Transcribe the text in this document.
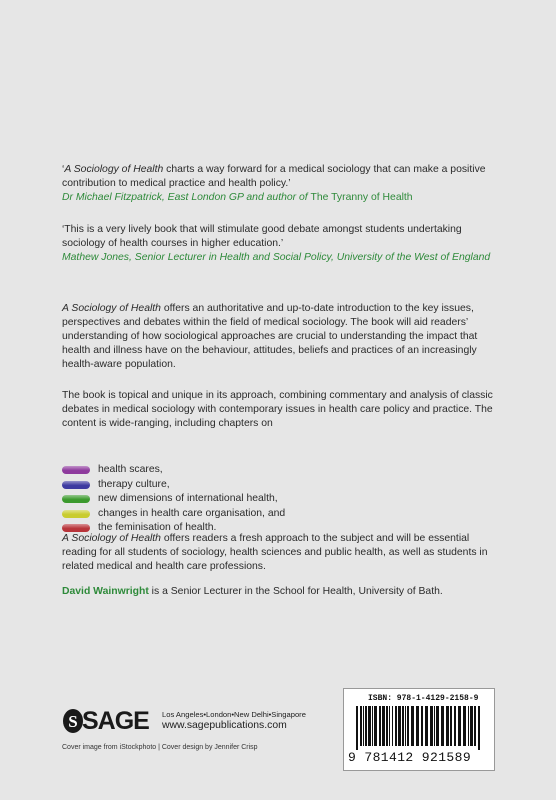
‘A Sociology of Health charts a way forward for a medical sociology that can make a positive contribution to medical practice and health policy.’

Dr Michael Fitzpatrick, East London GP and author of The Tyranny of Health

‘This is a very lively book that will stimulate good debate amongst students undertaking sociology of health courses in higher education.’

Mathew Jones, Senior Lecturer in Health and Social Policy, University of the West of England

A Sociology of Health offers an authoritative and up-to-date introduction to the key issues, perspectives and debates within the field of medical sociology. The book will aid readers’ understanding of how sociological approaches are crucial to understanding the impact that health and illness have on the behaviour, attitudes, beliefs and practices of an increasingly health-aware population.

The book is topical and unique in its approach, combining commentary and analysis of classic debates in medical sociology with contemporary issues in health care policy and practice. The content is wide-ranging, including chapters on

health scares,
therapy culture,
new dimensions of international health,
changes in health care organisation, and
the feminisation of health.

A Sociology of Health offers readers a fresh approach to the subject and will be essential reading for all students of sociology, health sciences and public health, as well as students in related medical and health care professions.

David Wainwright is a Senior Lecturer in the School for Health, University of Bath.

S SAGE Los Angeles•London•New Delhi•Singapore
www.sagepublications.com
Cover image from iStockphoto | Cover design by Jennifer Crisp
ISBN: 978-1-4129-2158-9
9 781412 921589
